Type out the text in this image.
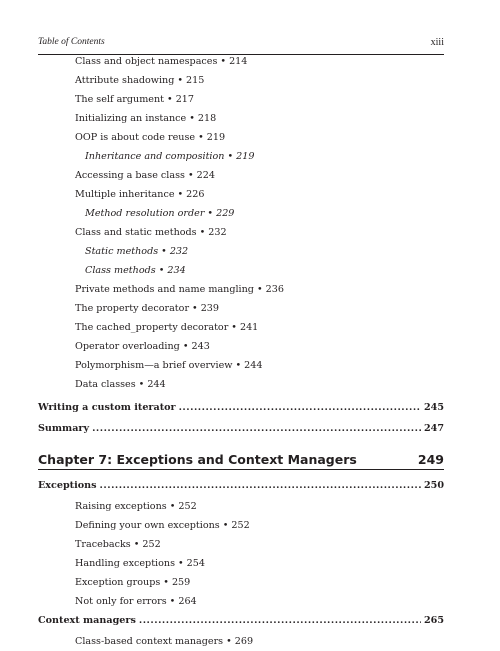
Table of Contents	xiii
Class and object namespaces • 214
Attribute shadowing • 215
The self argument • 217
Initializing an instance • 218
OOP is about code reuse • 219
Inheritance and composition • 219
Accessing a base class • 224
Multiple inheritance • 226
Method resolution order • 229
Class and static methods • 232
Static methods • 232
Class methods • 234
Private methods and name mangling • 236
The property decorator • 239
The cached_property decorator • 241
Operator overloading • 243
Polymorphism—a brief overview • 244
Data classes • 244
Writing a custom iterator .....	245
Summary .....	247
Chapter 7: Exceptions and Context Managers	249
Exceptions .....	250
Raising exceptions • 252
Defining your own exceptions • 252
Tracebacks • 252
Handling exceptions • 254
Exception groups • 259
Not only for errors • 264
Context managers .....	265
Class-based context managers • 269
